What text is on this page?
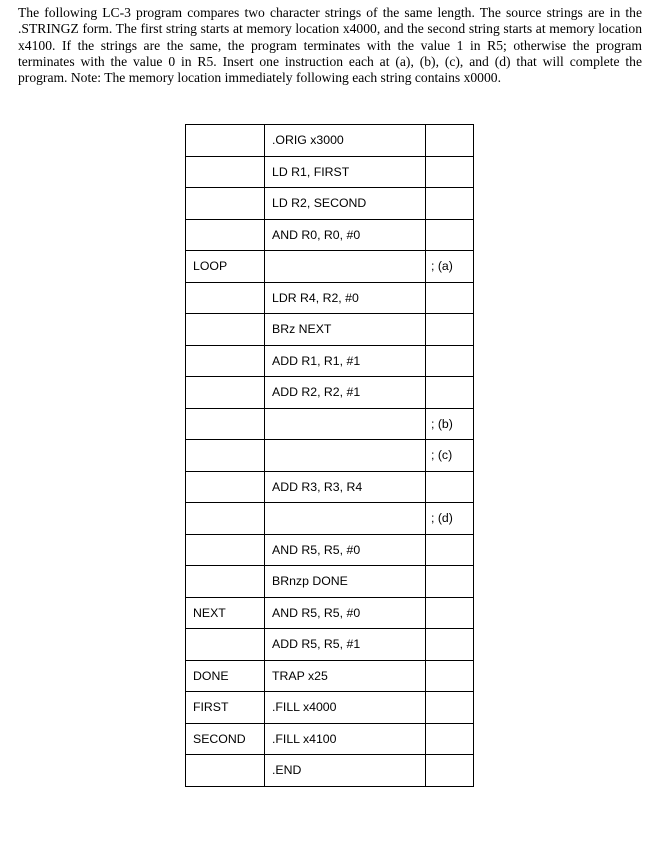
The following LC-3 program compares two character strings of the same length. The source strings are in the .STRINGZ form. The first string starts at memory location x4000, and the second string starts at memory location x4100. If the strings are the same, the program terminates with the value 1 in R5; otherwise the program terminates with the value 0 in R5. Insert one instruction each at (a), (b), (c), and (d) that will complete the program. Note: The memory location immediately following each string contains x0000.

	.ORIG x3000	
	LD R1, FIRST	
	LD R2, SECOND	
	AND R0, R0, #0	
LOOP		; (a)
	LDR R4, R2, #0	
	BRz NEXT	
	ADD R1, R1, #1	
	ADD R2, R2, #1	
		; (b)
		; (c)
	ADD R3, R3, R4	
		; (d)
	AND R5, R5, #0	
	BRnzp DONE	
NEXT	AND R5, R5, #0	
	ADD R5, R5, #1	
DONE	TRAP x25	
FIRST	.FILL x4000	
SECOND	.FILL x4100	
	.END	
